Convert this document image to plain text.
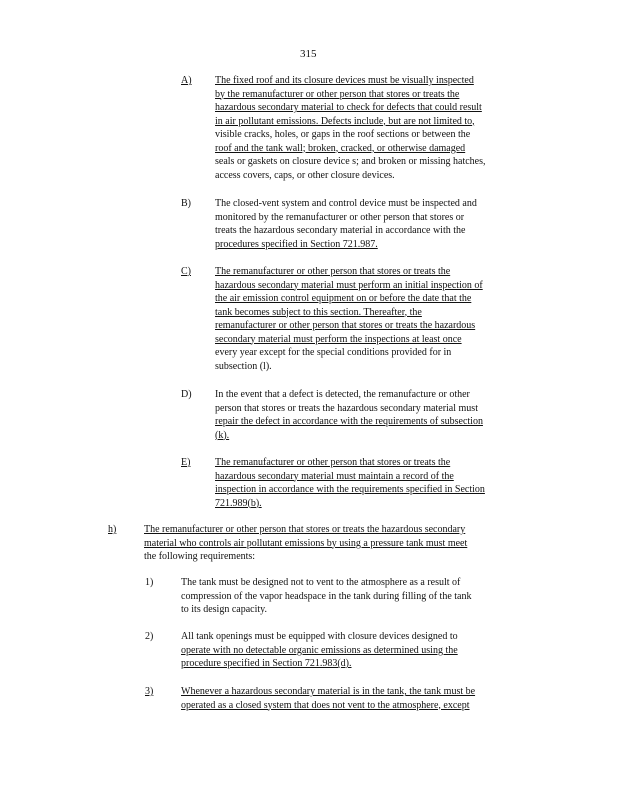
315
A) The fixed roof and its closure devices must be visually inspected
by the remanufacturer or other person that stores or treats the
hazardous secondary material to check for defects that could result
in air pollutant emissions. Defects include, but are not limited to,
visible cracks, holes, or gaps in the roof sections or between the
roof and the tank wall; broken, cracked, or otherwise damaged
seals or gaskets on closure device s; and broken or missing hatches,
access covers, caps, or other closure devices.
B) The closed-vent system and control device must be inspected and
monitored by the remanufacturer or other person that stores or
treats the hazardous secondary material in accordance with the
procedures specified in Section 721.987.
C) The remanufacturer or other person that stores or treats the
hazardous secondary material must perform an initial inspection of
the air emission control equipment on or before the date that the
tank becomes subject to this section. Thereafter, the
remanufacturer or other person that stores or treats the hazardous
secondary material must perform the inspections at least once
every year except for the special conditions provided for in
subsection (l).
D) In the event that a defect is detected, the remanufacture or other
person that stores or treats the hazardous secondary material must
repair the defect in accordance with the requirements of subsection
(k).
E) The remanufacturer or other person that stores or treats the
hazardous secondary material must maintain a record of the
inspection in accordance with the requirements specified in Section
721.989(b).
h)	The remanufacturer or other person that stores or treats the hazardous secondary
material who controls air pollutant emissions by using a pressure tank must meet
the following requirements:
1)	The tank must be designed not to vent to the atmosphere as a result of
compression of the vapor headspace in the tank during filling of the tank
to its design capacity.
2)	All tank openings must be equipped with closure devices designed to
operate with no detectable organic emissions as determined using the
procedure specified in Section 721.983(d).
3)	Whenever a hazardous secondary material is in the tank, the tank must be
operated as a closed system that does not vent to the atmosphere, except
